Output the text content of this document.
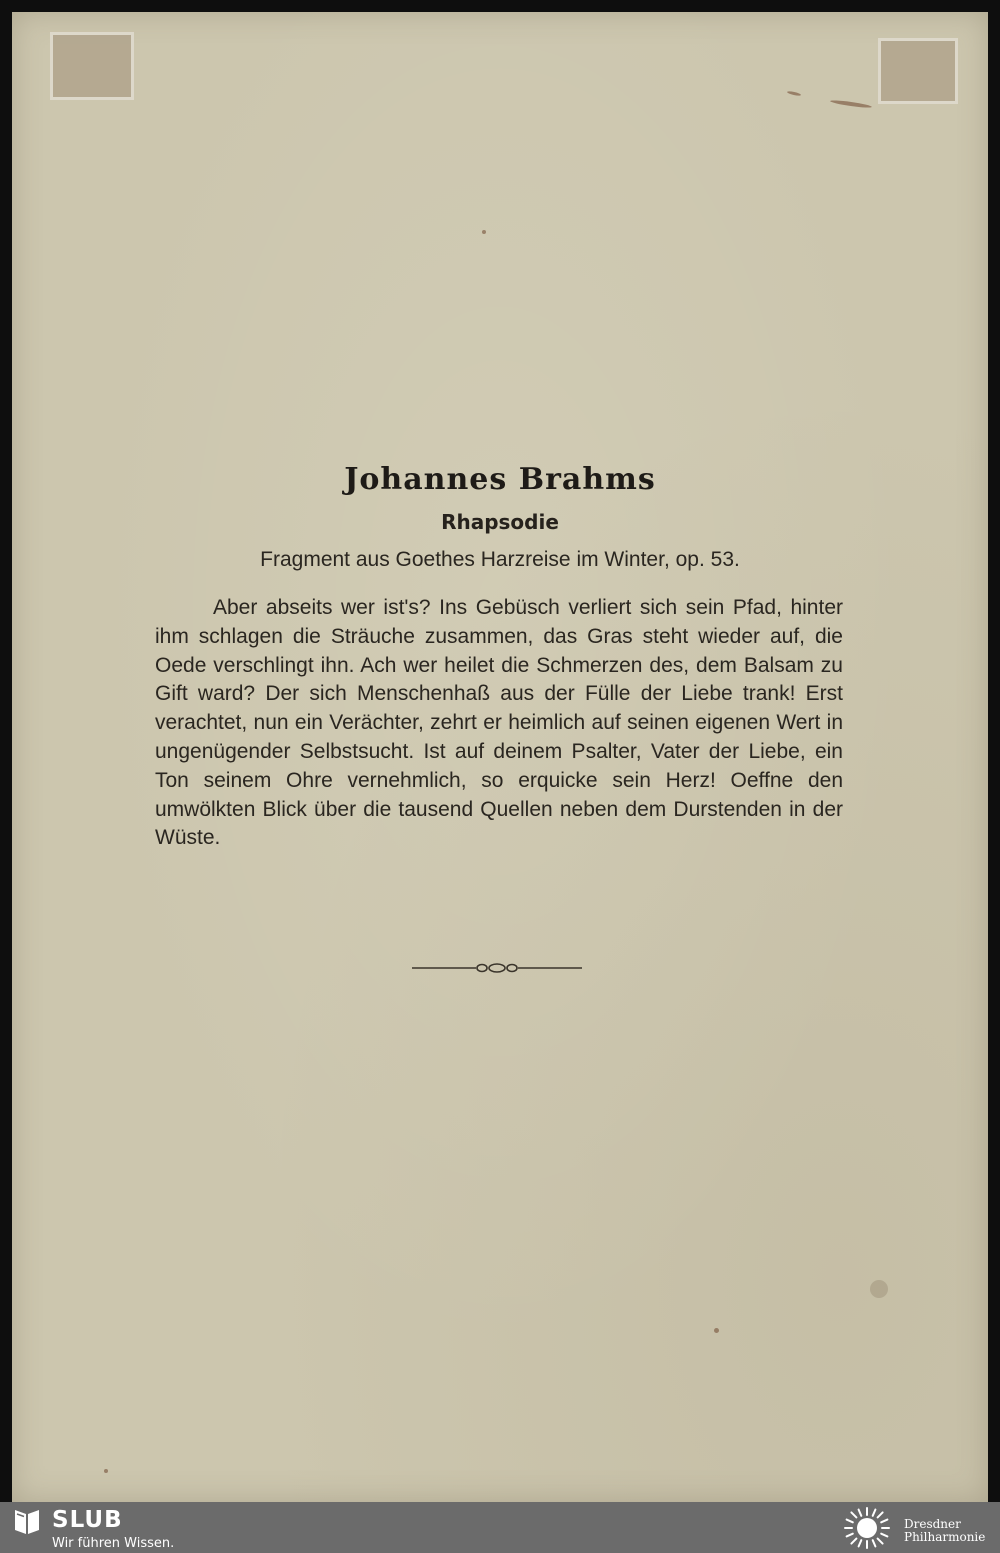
Johannes Brahms
Rhapsodie
Fragment aus Goethes Harzreise im Winter, op. 53.

Aber abseits wer ist's? Ins Gebüsch verliert sich sein Pfad, hinter ihm schlagen die Sträuche zusammen, das Gras steht wieder auf, die Oede verschlingt ihn. Ach wer heilet die Schmerzen des, dem Balsam zu Gift ward? Der sich Menschenhaß aus der Fülle der Liebe trank! Erst verachtet, nun ein Verächter, zehrt er heimlich auf seinen eigenen Wert in ungenügender Selbstsucht. Ist auf deinem Psalter, Vater der Liebe, ein Ton seinem Ohre vernehmlich, so erquicke sein Herz! Oeffne den umwölkten Blick über die tausend Quellen neben dem Durstenden in der Wüste.

SLUB
Wir führen Wissen.
Dresdner
Philharmonie
